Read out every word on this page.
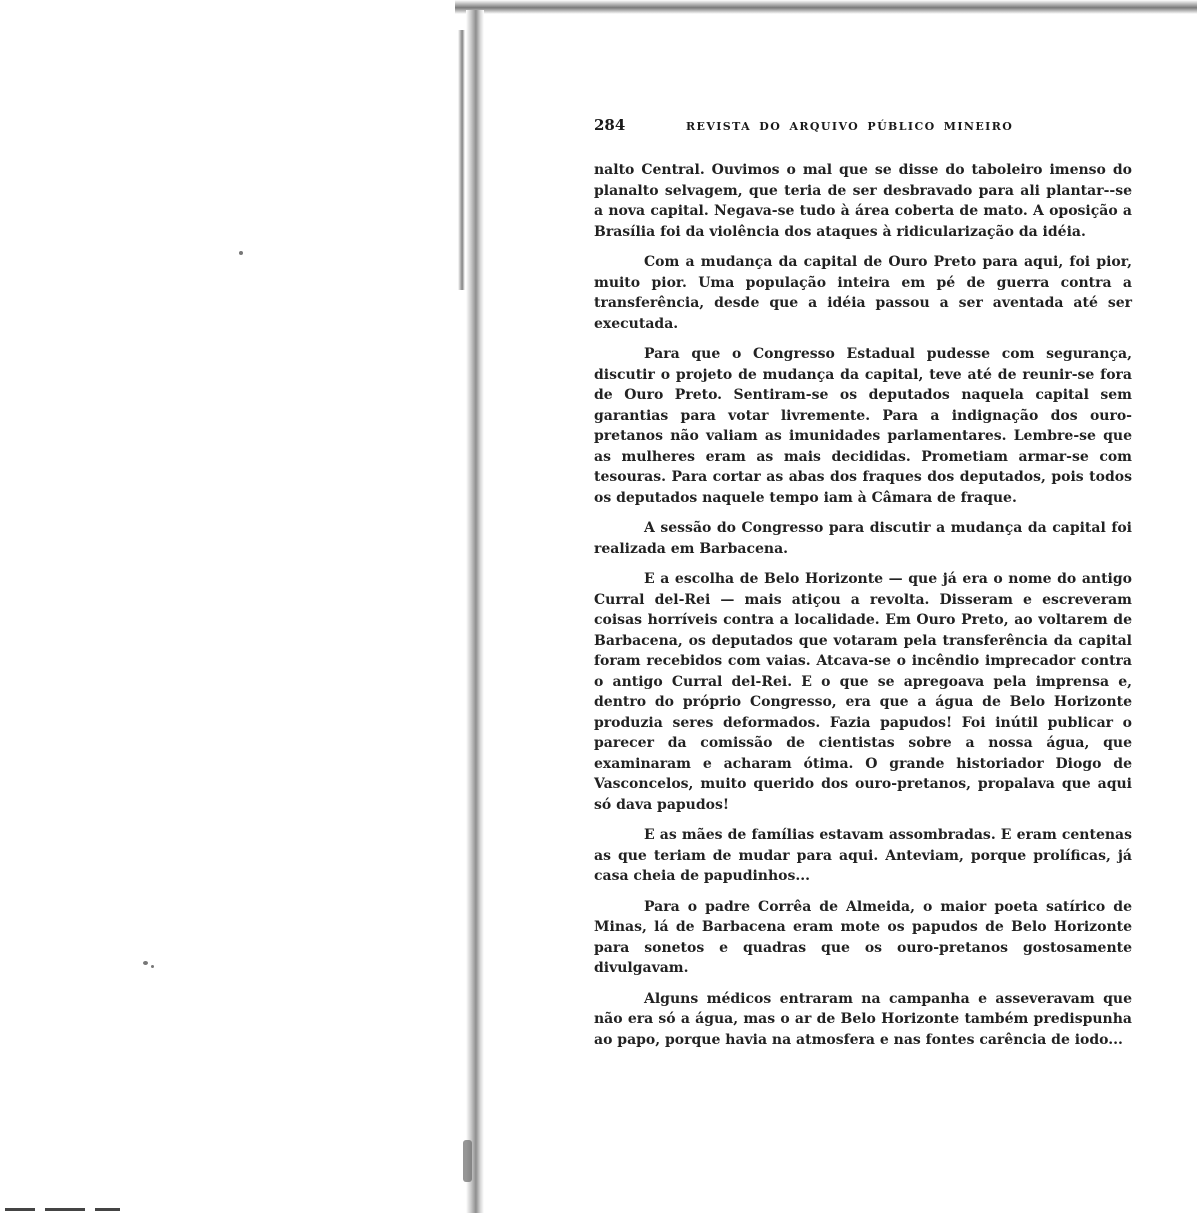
284	REVISTA DO ARQUIVO PÚBLICO MINEIRO

nalto Central. Ouvimos o mal que se disse do taboleiro imenso do planalto selvagem, que teria de ser desbravado para ali plantar--se a nova capital. Negava-se tudo à área coberta de mato. A oposição a Brasília foi da violência dos ataques à ridicularização da idéia.

Com a mudança da capital de Ouro Preto para aqui, foi pior, muito pior. Uma população inteira em pé de guerra contra a transferência, desde que a idéia passou a ser aventada até ser executada.

Para que o Congresso Estadual pudesse com segurança, discutir o projeto de mudança da capital, teve até de reunir-se fora de Ouro Preto. Sentiram-se os deputados naquela capital sem garantias para votar livremente. Para a indignação dos ouro-pretanos não valiam as imunidades parlamentares. Lembre-se que as mulheres eram as mais decididas. Prometiam armar-se com tesouras. Para cortar as abas dos fraques dos deputados, pois todos os deputados naquele tempo iam à Câmara de fraque.

A sessão do Congresso para discutir a mudança da capital foi realizada em Barbacena.

E a escolha de Belo Horizonte — que já era o nome do antigo Curral del-Rei — mais atiçou a revolta. Disseram e escreveram coisas horríveis contra a localidade. Em Ouro Preto, ao voltarem de Barbacena, os deputados que votaram pela transferência da capital foram recebidos com vaias. Atcava-se o incêndio imprecador contra o antigo Curral del-Rei. E o que se apregoava pela imprensa e, dentro do próprio Congresso, era que a água de Belo Horizonte produzia seres deformados. Fazia papudos! Foi inútil publicar o parecer da comissão de cientistas sobre a nossa água, que examinaram e acharam ótima. O grande historiador Diogo de Vasconcelos, muito querido dos ouro-pretanos, propalava que aqui só dava papudos!

E as mães de famílias estavam assombradas. E eram centenas as que teriam de mudar para aqui. Anteviam, porque prolíficas, já casa cheia de papudinhos...

Para o padre Corrêa de Almeida, o maior poeta satírico de Minas, lá de Barbacena eram mote os papudos de Belo Horizonte para sonetos e quadras que os ouro-pretanos gostosamente divulgavam.

Alguns médicos entraram na campanha e asseveravam que não era só a água, mas o ar de Belo Horizonte também predispunha ao papo, porque havia na atmosfera e nas fontes carência de iodo...
